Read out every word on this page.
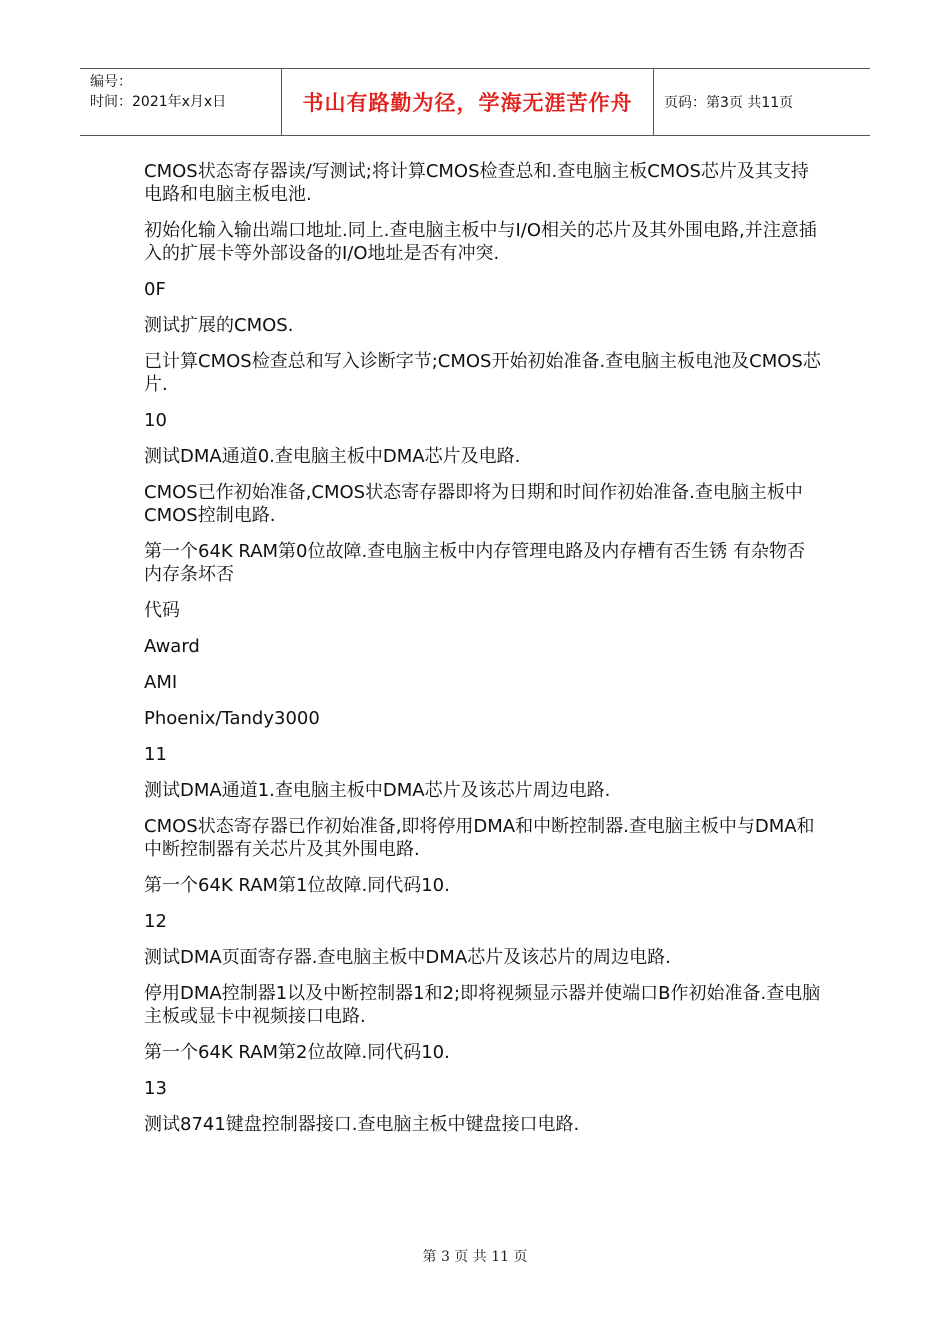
编号：
时间：2021年x月x日	书山有路勤为径，学海无涯苦作舟 页码：第3页 共11页

CMOS状态寄存器读/写测试;将计算CMOS检查总和.查电脑主板CMOS芯片及其支持电路和电脑主板电池.

初始化输入输出端口地址.同上.查电脑主板中与I/O相关的芯片及其外围电路,并注意插入的扩展卡等外部设备的I/O地址是否有冲突.

0F

测试扩展的CMOS.

已计算CMOS检查总和写入诊断字节;CMOS开始初始准备.查电脑主板电池及CMOS芯片.

10

测试DMA通道0.查电脑主板中DMA芯片及电路.

CMOS已作初始准备,CMOS状态寄存器即将为日期和时间作初始准备.查电脑主板中CMOS控制电路.

第一个64K RAM第0位故障.查电脑主板中内存管理电路及内存槽有否生锈 有杂物否 内存条坏否

代码

Award

AMI

Phoenix/Tandy3000

11

测试DMA通道1.查电脑主板中DMA芯片及该芯片周边电路.

CMOS状态寄存器已作初始准备,即将停用DMA和中断控制器.查电脑主板中与DMA和中断控制器有关芯片及其外围电路.

第一个64K RAM第1位故障.同代码10.

12

测试DMA页面寄存器.查电脑主板中DMA芯片及该芯片的周边电路.

停用DMA控制器1以及中断控制器1和2;即将视频显示器并使端口B作初始准备.查电脑主板或显卡中视频接口电路.

第一个64K RAM第2位故障.同代码10.

13

测试8741键盘控制器接口.查电脑主板中键盘接口电路.

第 3 页 共 11 页
